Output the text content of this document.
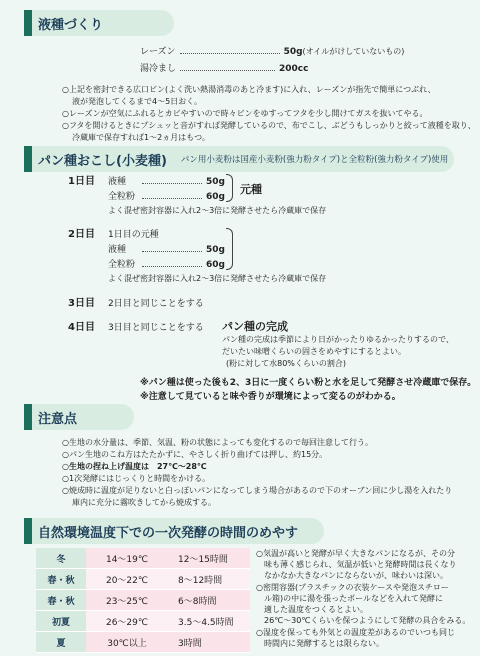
液種づくり
レーズン	50g(オイルがけしていないもの)
湯冷まし	200cc
○上記を密封できる広口ビン(よく洗い熱湯消毒のあと冷ます)に入れ、レーズンが指先で簡単につぶれ、
液が発泡してくるまで4〜5日おく。
○レーズンが空気にふれるとカビやすいので時々ビンをゆすってフタを少し開けてガスを抜いてやる。
○フタを開けるときにプシュッと音がすれば発酵しているので、布でこし、ぶどうもしっかりと絞って液種を取り、
冷蔵庫で保存すれば1〜2ヵ月はもつ。
パン種おこし(小麦種) パン用小麦粉は国産小麦粉(強力粉タイプ)と全粒粉(強力粉タイプ)使用
1日目 液種	50g
全粒粉	60g
元種
よく混ぜ密封容器に入れ2〜3倍に発酵させたら冷蔵庫で保存
2日目 1日目の元種
液種	50g
全粒粉	60g
よく混ぜ密封容器に入れ2〜3倍に発酵させたら冷蔵庫で保存
3日目 2日目と同じことをする
4日目 3日目と同じことをする パン種の完成
パン種の完成は季節により日がかったりゆるかったりするので、
だいたい味噌くらいの固さをめやすにするとよい。
(粉に対して水80%くらいの割合)
※パン種は使った後も2、3日に一度くらい粉と水を足して発酵させ冷蔵庫で保存。
※注意して見ていると味や香りが環境によって変るのがわかる。
注意点
○生地の水分量は、季節、気温、粉の状態によっても変化するので毎回注意して行う。
○パン生地のこね方はたたかずに、やさしく折り曲げては押し、約15分。
○生地の捏ね上げ温度は　27℃〜28℃
○1次発酵にはじっくりと時間をかける。
○焼成時に温度が足りないと白っぽいパンになってしまう場合があるので下のオーブン回に少し湯を入れたり
庫内に充分に霧吹きしてから焼成する。
自然環境温度下での一次発酵の時間のめやす
冬	14〜19℃	12〜15時間
春・秋	20〜22℃	8〜12時間
春・秋	23〜25℃	6〜8時間
初夏	26〜29℃	3.5〜4.5時間
夏	30℃以上	3時間
○気温が高いと発酵が早く大きなパンになるが、その分
味も薄く感じられ、気温が低いと発酵時間は長くなり
なかなか大きなパンにならないが、味わいは深い。
○密閉容器(プラスチックの衣装ケースや発泡スチロー
ル箱)の中に湯を張ったボールなどを入れて発酵に
適した温度をつくるとよい。
26℃〜30℃くらいを保つようにして発酵の具合をみる。
○湿度を保っても外気との温度差があるのでいつも同じ
時間内に発酵するとは限らない。
